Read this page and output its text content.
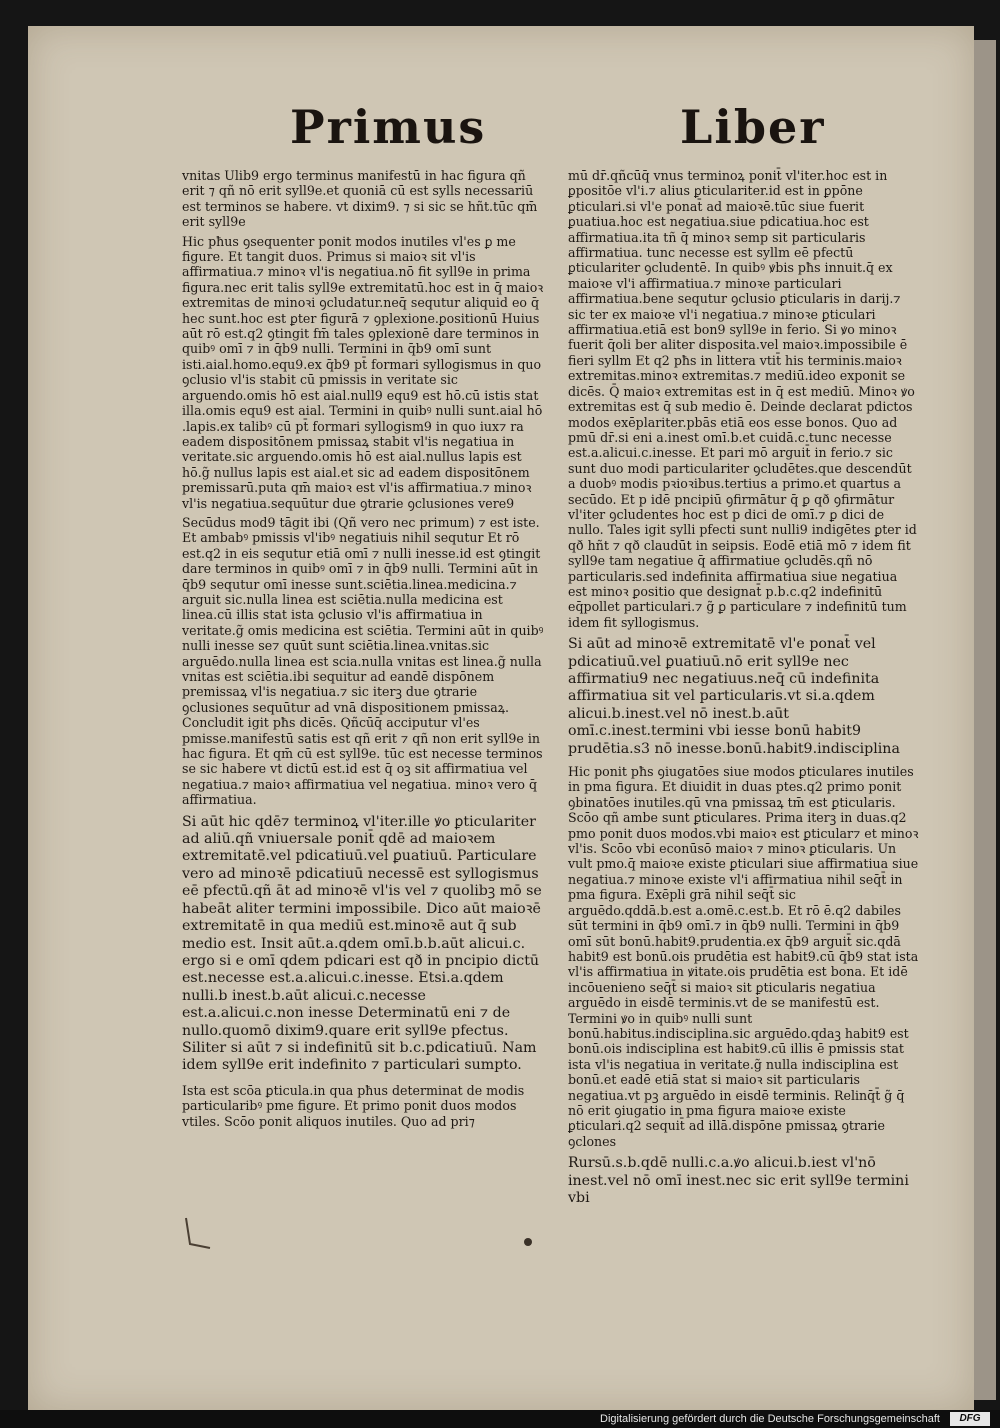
Primus	Liber

vnitas Ulib9 ergo terminus manifestū in hac figura qñ erit ⁊ qñ nō erit syll9e.et quoniā cū est sylls necessariū est terminos se habere. vt dixim9. ⁊ si sic se hñt.tūc qm̄ erit syll9e

Hic pħus ꝯsequenter ponit modos inutiles vl'es ꝑ me figure. Et tangit duos. Primus si maioꝛ sit vl'is affirmatiua.⁊ minoꝛ vl'is negatiua.nō fit syll9e in prima figura.nec erit talis syll9e extremitatū.hoc est in q̄ maioꝛ extremitas de minoꝛi ꝯcludatur.neq̄ sequtur aliquid eo q̄ hec sunt.hoc est ꝑter figurā ⁊ ꝯplexione.ꝑositionū Huius aūt rō est.q2 ꝯtingit fm̄ tales ꝯplexionē dare terminos in quibꝰ omī ⁊ in q̄b9 nulli. Termini in q̄b9 omī sunt isti.aial.homo.equ9.ex q̄b9 pt̄ formari syllogismus in quo ꝯclusio vl'is stabit cū pmissis in veritate sic arguendo.omis hō est aial.null9 equ9 est hō.cū istis stat illa.omis equ9 est aial. Termini in quibꝰ nulli sunt.aial hō .lapis.ex talibꝰ cū pt̄ formari syllogism9 in quo iux⁊ ra eadem dispositōnem pmissaꝝ stabit vl'is negatiua in veritate.sic arguendo.omis hō est aial.nullus lapis est hō.g̃ nullus lapis est aial.et sic ad eadem dispositōnem premissarū.puta qm̄ maioꝛ est vl'is affirmatiua.⁊ minoꝛ vl'is negatiua.sequūtur due ꝯtrarie ꝯclusiones vere9

Secūdus mod9 tāgit ibi (Qñ vero nec primum) ⁊ est iste. Et ambabꝰ pmissis vl'ibꝰ negatiuis nihil sequtur Et rō est.q2 in eis sequtur etiā omī ⁊ nulli inesse.id est ꝯtingit dare terminos in quibꝰ omī ⁊ in q̄b9 nulli. Termini aūt in q̄b9 sequtur omī inesse sunt.sciētia.linea.medicina.⁊ arguit sic.nulla linea est sciētia.nulla medicina est linea.cū illis stat ista ꝯclusio vl'is affirmatiua in veritate.g̃ omis medicina est sciētia. Termini aūt in quibꝰ nulli inesse se⁊ quūt sunt sciētia.linea.vnitas.sic arguēdo.nulla linea est scia.nulla vnitas est linea.g̃ nulla vnitas est sciētia.ibi sequitur ad eandē dispōnem premissaꝝ vl'is negatiua.⁊ sic iterꝫ due ꝯtrarie ꝯclusiones sequūtur ad vnā dispositionem pmissaꝝ. Concludit igit pħs dicēs. Qñcūq̄ acciputur vl'es pmisse.manifestū satis est qñ erit ⁊ qñ non erit syll9e in hac figura. Et qm̄ cū est syll9e. tūc est necesse terminos se sic habere vt dictū est.id est q̄ oꝫ sit affirmatiua vel negatiua.⁊ maioꝛ affirmatiua vel negatiua. minoꝛ vero q̄ affirmatiua.

Si aūt hic qdē⁊ terminoꝝ vl'iter.ille ꝟo ꝑticulariter ad aliū.qñ vniuersale ponit̄ qdē ad maioꝛem extremitatē.vel pdicatiuū.vel ꝑuatiuū. Particulare vero ad minoꝛē pdicatiuū necessē est syllogismus eē pfectū.qñ āt ad minoꝛē vl'is vel ⁊ quolibꝫ mō se habeāt aliter termini impossibile. Dico aūt maioꝛē extremitatē in qua mediū est.minoꝛē aut q̄ sub medio est. Insit aūt.a.qdem omī.b.b.aūt alicui.c. ergo si e omī qdem pdicari est qð in pncipio dictū est.necesse est.a.alicui.c.inesse. Etsi.a.qdem nulli.b inest.b.aūt alicui.c.necesse est.a.alicui.c.non inesse Determinatū eni ⁊ de nullo.quomō dixim9.quare erit syll9e pfectus. Siliter si aūt ⁊ si indefinitū sit b.c.pdicatiuū. Nam idem syll9e erit indefinito ⁊ particulari sumpto.

Ista est scōa ꝑticula.in qua pħus determinat de modis particularibꝰ pme figure. Et primo ponit duos modos vtiles. Scōo ponit aliquos inutiles. Quo ad pri⁊

mū dr̄.qñcūq̄ vnus terminoꝝ ponit̄ vl'iter.hoc est in ꝑpositōe vl'i.⁊ alius ꝑticulariter.id est in ꝑpōne ꝑticulari.si vl'e ponat̄ ad maioꝛē.tūc siue fuerit ꝑuatiua.hoc est negatiua.siue pdicatiua.hoc est affirmatiua.ita tñ q̄ minoꝛ semp sit particularis affirmatiua. tunc necesse est syllm eē pfectū ꝑticulariter ꝯcludentē. In quibꝰ ꝟbis pħs innuit.q̄ ex maioꝛe vl'i affirmatiua.⁊ minoꝛe particulari affirmatiua.bene sequtur ꝯclusio ꝑticularis in darij.⁊ sic ter ex maioꝛe vl'i negatiua.⁊ minoꝛe ꝑticulari affirmatiua.etiā est bon9 syll9e in ferio. Si ꝟo minoꝛ fuerit q̄oli ber aliter disposita.vel maioꝛ.impossibile ē fieri syllm Et q2 pħs in littera vtit̄ his terminis.maioꝛ extremitas.minoꝛ extremitas.⁊ mediū.ideo exponit se dicēs. Q̄ maioꝛ extremitas est in q̄ est mediū. Minoꝛ ꝟo extremitas est q̄ sub medio ē. Deinde declarat pdictos modos exēplariter.pbās etiā eos esse bonos. Quo ad pmū dr̄.si eni a.inest omī.b.et cuidā.c.tunc necesse est.a.alicui.c.inesse. Et pari mō arguit̄ in ferio.⁊ sic sunt duo modi particulariter ꝯcludētes.que descendūt a duobꝰ modis pꝛioꝛibus.tertius a primo.et quartus a secūdo. Et p idē pncipiū ꝯfirmātur q̄ ꝑ qð ꝯfirmātur vl'iter ꝯcludentes hoc est p dici de omī.⁊ ꝑ dici de nullo. Tales igit sylli pfecti sunt nulli9 indigētes ꝑter id qð hñt ⁊ qð claudūt in seipsis. Eodē etiā mō ⁊ idem fit syll9e tam negatiue q̄ affirmatiue ꝯcludēs.qñ nō particularis.sed indefinita affirmatiua siue negatiua est minoꝛ ꝑositio que designat̄ p.b.c.q2 indefinitū eq̄pollet particulari.⁊ g̃ ꝑ particulare ⁊ indefinitū tum idem fit syllogismus.

Si aūt ad minoꝛē extremitatē vl'e ponat̄ vel pdicatiuū.vel ꝑuatiuū.nō erit syll9e nec affirmatiu9 nec negatiuus.neq̄ cū indefinita affirmatiua sit vel particularis.vt si.a.qdem alicui.b.inest.vel nō inest.b.aūt omī.c.inest.termini vbi iesse bonū habit9 prudētia.s3 nō inesse.bonū.habit9.indisciplina

Hic ponit pħs ꝯiugatōes siue modos ꝑticulares inutiles in pma figura. Et diuidit in duas ptes.q2 primo ponit ꝯbinatōes inutiles.qū vna pmissaꝝ tm̄ est ꝑticularis. Scōo qñ ambe sunt ꝑticulares. Prima iterꝫ in duas.q2 pmo ponit duos modos.vbi maioꝛ est ꝑticular⁊ et minoꝛ vl'is. Scōo vbi econūsō maioꝛ ⁊ minoꝛ ꝑticularis. Un vult pmo.q̄ maioꝛe existe ꝑticulari siue affirmatiua siue negatiua.⁊ minoꝛe existe vl'i affirmatiua nihil seq̄t̄ in pma figura. Exēpli grā nihil seq̄t̄ sic arguēdo.qddā.b.est a.omē.c.est.b. Et rō ē.q2 dabiles sūt termini in q̄b9 omī.⁊ in q̄b9 nulli. Termini in q̄b9 omī sūt bonū.habit9.prudentia.ex q̄b9 arguit̄ sic.qdā habit9 est bonū.ois prudētia est habit9.cū q̄b9 stat ista vl'is affirmatiua in ꝟitate.ois prudētia est bona. Et idē incōuenieno seq̄t̄ si maioꝛ sit ꝑticularis negatiua arguēdo in eisdē terminis.vt de se manifestū est. Termini ꝟo in quibꝰ nulli sunt bonū.habitus.indisciplina.sic arguēdo.qdaꝫ habit9 est bonū.ois indisciplina est habit9.cū illis ē pmissis stat ista vl'is negatiua in veritate.g̃ nulla indisciplina est bonū.et eadē etiā stat si maioꝛ sit particularis negatiua.vt pꝫ arguēdo in eisdē terminis. Relinq̄t̄ g̃ q̄ nō erit ꝯiugatio in pma figura maioꝛe existe ꝑticulari.q2 sequit̄ ad illā.dispōne pmissaꝝ ꝯtrarie ꝯclones

Rursū.s.b.qdē nulli.c.a.ꝟo alicui.b.iest vl'nō inest.vel nō omī inest.nec sic erit syll9e termini vbi

Digitalisierung gefördert durch die Deutsche Forschungsgemeinschaft	DFG
